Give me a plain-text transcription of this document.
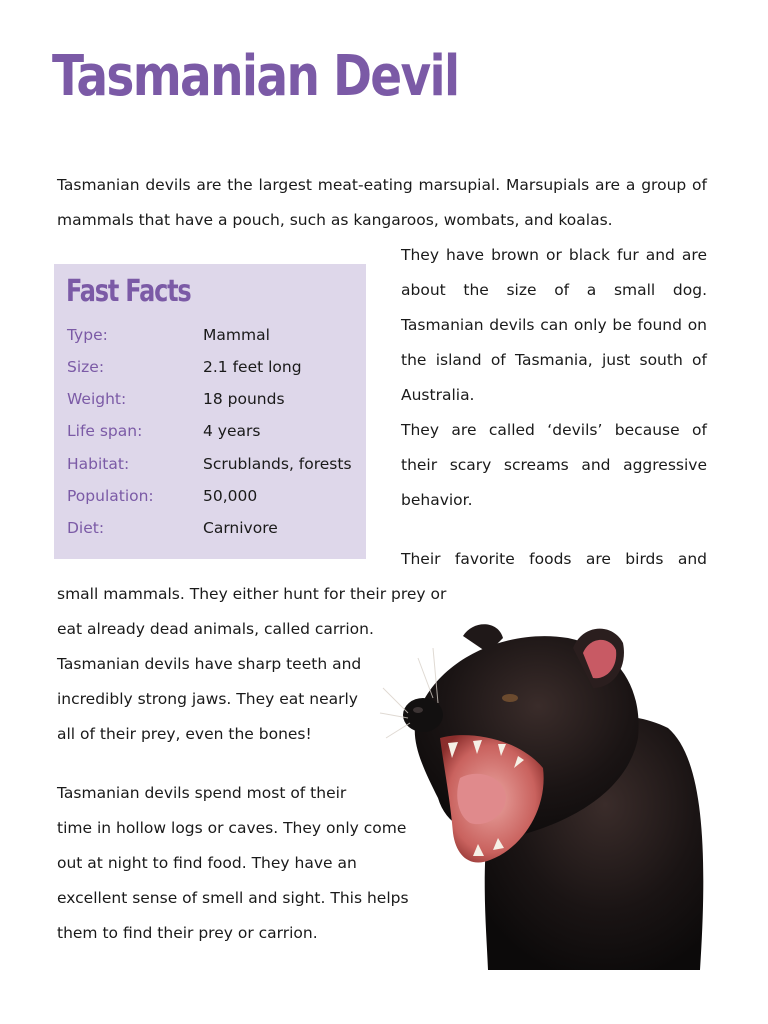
Tasmanian Devil

Tasmanian devils are the largest meat-eating marsupial. Marsupials are a group of mammals that have a pouch, such as kangaroos, wombats, and koalas.

Fast Facts
Type:	Mammal
Size:	2.1 feet long
Weight:	18 pounds
Life span:	4 years
Habitat:	Scrublands, forests
Population:	50,000
Diet:	Carnivore

They have brown or black fur and are about the size of a small dog. Tasmanian devils can only be found on the island of Tasmania, just south of Australia.

They are called ‘devils’ because of their scary screams and aggressive behavior.

Their favorite foods are birds and

small mammals. They either hunt for their prey or
eat already dead animals, called carrion.
Tasmanian devils have sharp teeth and
incredibly strong jaws. They eat nearly
all of their prey, even the bones!

Tasmanian devils spend most of their
time in hollow logs or caves. They only come
out at night to find food. They have an
excellent sense of smell and sight. This helps
them to find their prey or carrion.
